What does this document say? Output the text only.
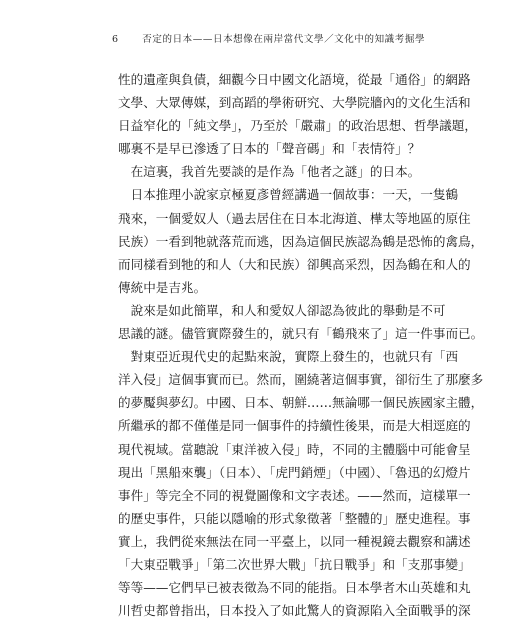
6 否定的日本——日本想像在兩岸當代文學／文化中的知識考掘學
性的遺產與負債，細觀今日中國文化語境，從最「通俗」的網路
文學、大眾傳媒，到高蹈的學術研究、大學院牆內的文化生活和
日益窄化的「純文學」，乃至於「嚴肅」的政治思想、哲學議題，
哪裏不是早已滲透了日本的「聲音碼」和「表情符」？
　在這裏，我首先要談的是作為「他者之謎」的日本。
　日本推理小說家京極夏彥曾經講過一個故事：一天，一隻鶴
飛來，一個愛奴人（過去居住在日本北海道、樺太等地區的原住
民族）一看到牠就落荒而逃，因為這個民族認為鶴是恐怖的禽鳥，
而同樣看到牠的和人（大和民族）卻興高采烈，因為鶴在和人的
傳統中是吉兆。
　說來是如此簡單，和人和愛奴人卻認為彼此的舉動是不可
思議的謎。儘管實際發生的，就只有「鶴飛來了」這一件事而已。
　對東亞近現代史的起點來說，實際上發生的，也就只有「西
洋入侵」這個事實而已。然而，圍繞著這個事實，卻衍生了那麼多
的夢魘與夢幻。中國、日本、朝鮮……無論哪一個民族國家主體，
所繼承的都不僅僅是同一個事件的持續性後果，而是大相逕庭的
現代視域。當聽說「東洋被入侵」時，不同的主體腦中可能會呈
現出「黑船來襲」（日本）、「虎門銷煙」（中國）、「魯迅的幻燈片
事件」等完全不同的視覺圖像和文字表述。——然而，這樣單一
的歷史事件，只能以隱喻的形式象徵著「整體的」歷史進程。事
實上，我們從來無法在同一平臺上，以同一種視鏡去觀察和講述
「大東亞戰爭」「第二次世界大戰」「抗日戰爭」和「支那事變」
等等——它們早已被表徵為不同的能指。日本學者木山英雄和丸
川哲史都曾指出，日本投入了如此驚人的資源陷入全面戰爭的深
